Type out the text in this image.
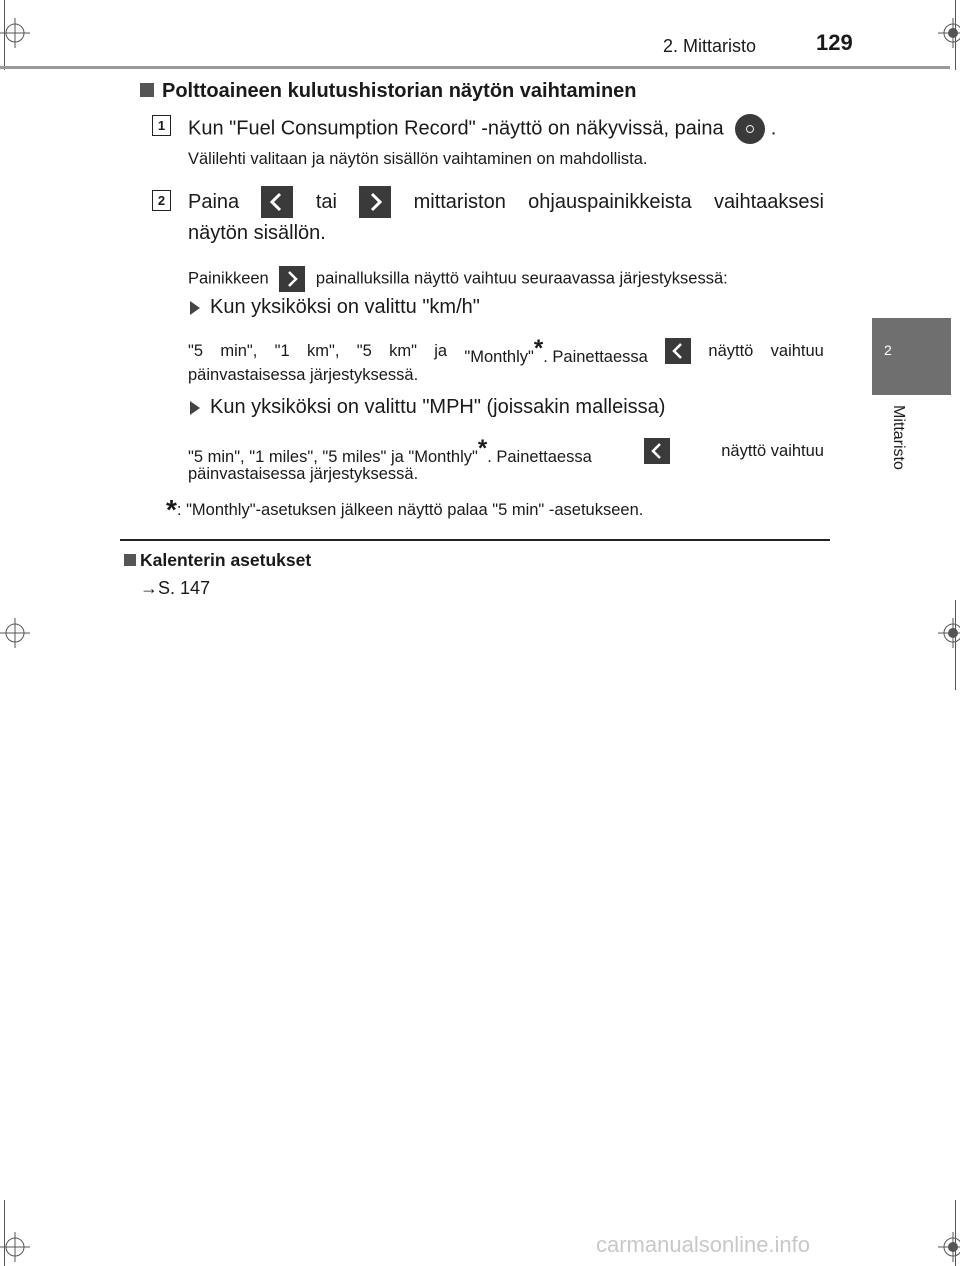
2. Mittaristo	129
2
Mittaristo
Polttoaineen kulutushistorian näytön vaihtaminen
1 Kun "Fuel Consumption Record" -näyttö on näkyvissä, paina .
Välilehti valitaan ja näytön sisällön vaihtaminen on mahdollista.
2 Paina	tai	mittariston ohjauspainikkeista vaihtaaksesi
näytön sisällön.
Painikkeen	painalluksilla näyttö vaihtuu seuraavassa järjestyksessä:
Kun yksiköksi on valittu "km/h"
"5 min", "1 km", "5 km" ja "Monthly"*. Painettaessa	näyttö vaihtuu
päinvastaisessa järjestyksessä.
Kun yksiköksi on valittu "MPH" (joissakin malleissa)
"5 min", "1 miles", "5 miles" ja "Monthly"*. Painettaessa	näyttö vaihtuu
päinvastaisessa järjestyksessä.
*: "Monthly"-asetuksen jälkeen näyttö palaa "5 min" -asetukseen.
Kalenterin asetukset
→S. 147
carmanualsonline.info
